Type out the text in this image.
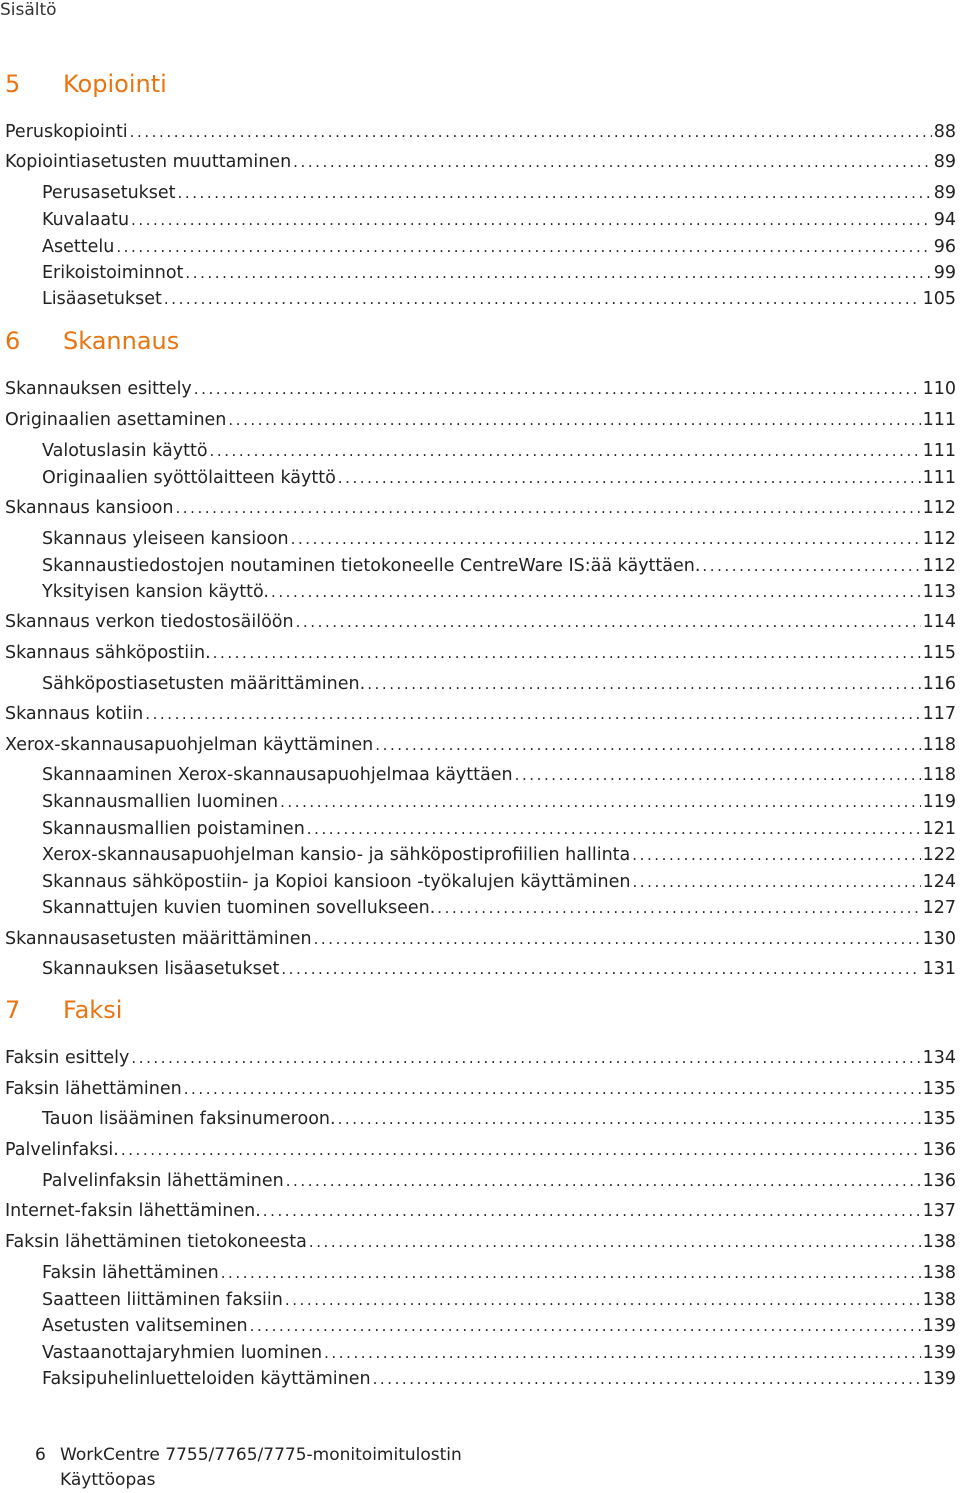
Sisältö
5 Kopiointi
Peruskopiointi . . .	88
Kopiointiasetusten muuttaminen . . .	89
Perusasetukset . . .	89
Kuvalaatu . . .	94
Asettelu . . .	96
Erikoistoiminnot . . .	99
Lisäasetukset . . .	105
6 Skannaus
Skannauksen esittely . . .	110
Originaalien asettaminen . . .	111
Valotuslasin käyttö . . .	111
Originaalien syöttölaitteen käyttö . . .	111
Skannaus kansioon . . .	112
Skannaus yleiseen kansioon . . .	112
Skannaustiedostojen noutaminen tietokoneelle CentreWare IS:ää käyttäen. . . .	112
Yksityisen kansion käyttö. . . .	113
Skannaus verkon tiedostosäilöön . . .	114
Skannaus sähköpostiin. . . .	115
Sähköpostiasetusten määrittäminen. . . .	116
Skannaus kotiin . . .	117
Xerox-skannausapuohjelman käyttäminen . . .	118
Skannaaminen Xerox-skannausapuohjelmaa käyttäen . . .	118
Skannausmallien luominen . . .	119
Skannausmallien poistaminen . . .	121
Xerox-skannausapuohjelman kansio- ja sähköpostiprofiilien hallinta . . .	122
Skannaus sähköpostiin- ja Kopioi kansioon -työkalujen käyttäminen . . .	124
Skannattujen kuvien tuominen sovellukseen. . . .	127
Skannausasetusten määrittäminen . . .	130
Skannauksen lisäasetukset . . .	131
7 Faksi
Faksin esittely . . .	134
Faksin lähettäminen . . .	135
Tauon lisääminen faksinumeroon. . . .	135
Palvelinfaksi. . . .	136
Palvelinfaksin lähettäminen . . .	136
Internet-faksin lähettäminen. . . .	137
Faksin lähettäminen tietokoneesta . . .	138
Faksin lähettäminen . . .	138
Saatteen liittäminen faksiin . . .	138
Asetusten valitseminen . . .	139
Vastaanottajaryhmien luominen . . .	139
Faksipuhelinluetteloiden käyttäminen . . .	139
6 WorkCentre 7755/7765/7775-monitoimitulostin
Käyttöopas
